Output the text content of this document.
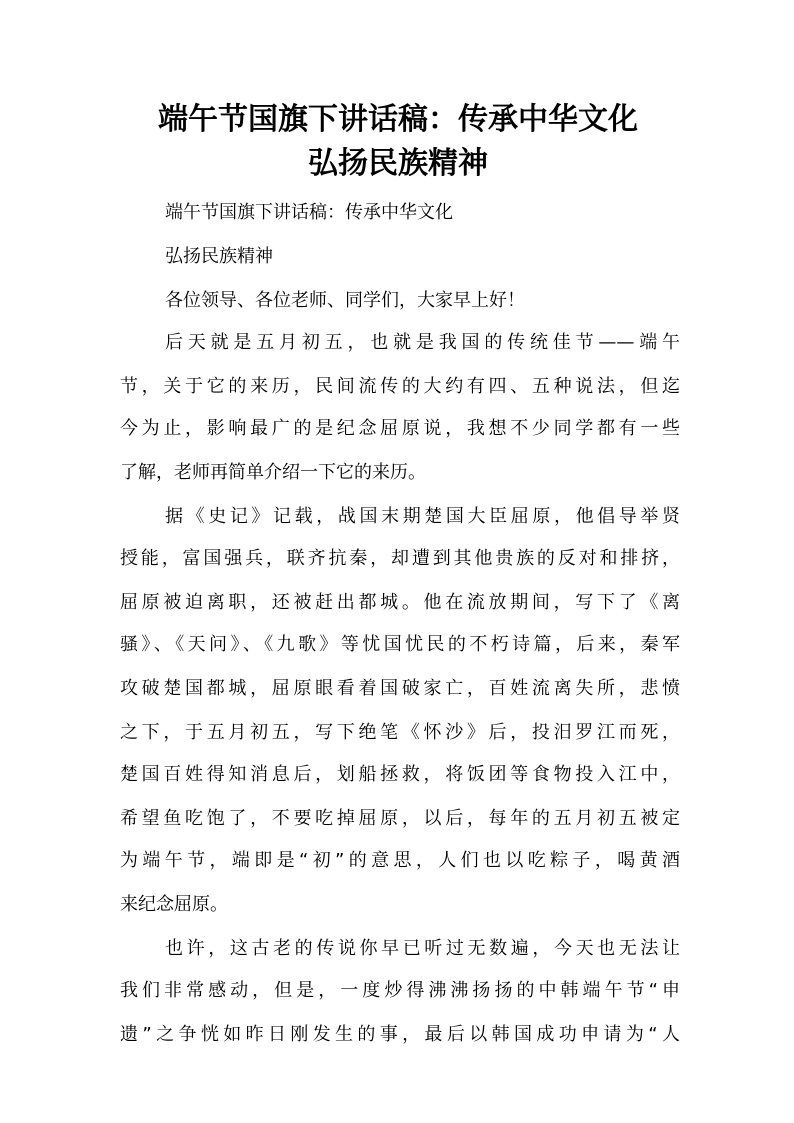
端午节国旗下讲话稿：传承中华文化
弘扬民族精神
端午节国旗下讲话稿：传承中华文化
弘扬民族精神
各位领导、各位老师、同学们，大家早上好！
后天就是五月初五，也就是我国的传统佳节——端午
节，关于它的来历，民间流传的大约有四、五种说法，但迄
今为止，影响最广的是纪念屈原说，我想不少同学都有一些
了解，老师再简单介绍一下它的来历。
据《史记》记载，战国末期楚国大臣屈原，他倡导举贤
授能，富国强兵，联齐抗秦，却遭到其他贵族的反对和排挤，
屈原被迫离职，还被赶出都城。他在流放期间，写下了《离
骚》、《天问》、《九歌》等忧国忧民的不朽诗篇，后来，秦军
攻破楚国都城，屈原眼看着国破家亡，百姓流离失所，悲愤
之下，于五月初五，写下绝笔《怀沙》后，投汨罗江而死，
楚国百姓得知消息后，划船拯救，将饭团等食物投入江中，
希望鱼吃饱了，不要吃掉屈原，以后，每年的五月初五被定
为端午节，端即是“初”的意思，人们也以吃粽子，喝黄酒
来纪念屈原。
也许，这古老的传说你早已听过无数遍，今天也无法让
我们非常感动，但是，一度炒得沸沸扬扬的中韩端午节“申
遗”之争恍如昨日刚发生的事，最后以韩国成功申请为“人
